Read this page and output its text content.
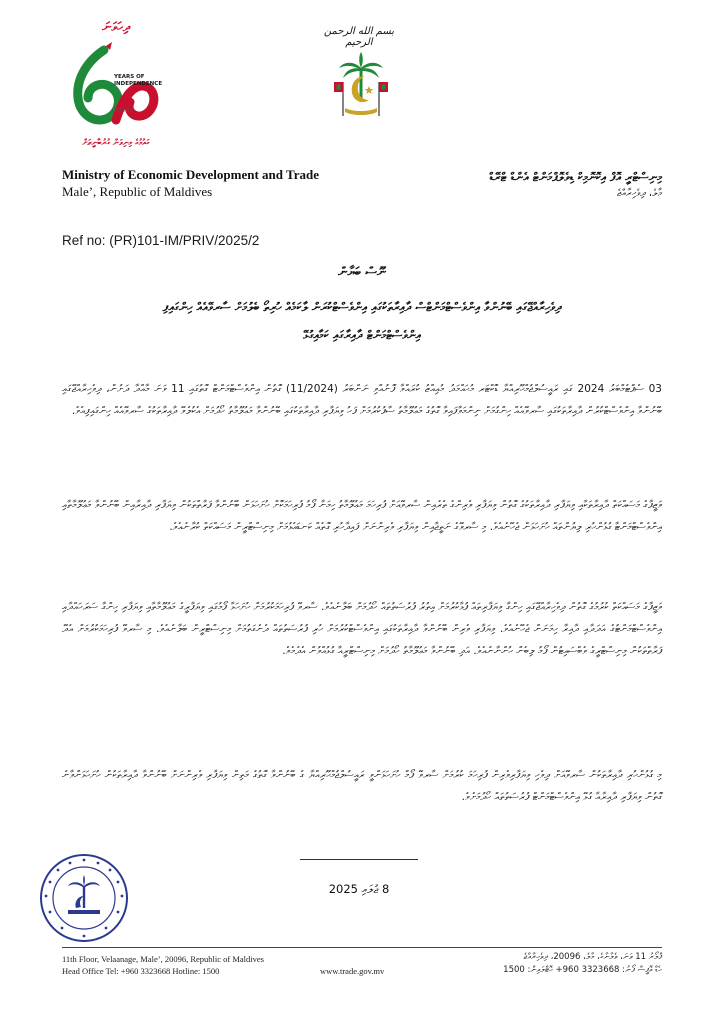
ދިހަވަނަ
YEARS OF INDEPENDENCE
1965-2025
ގައުމުގެ މިނިވަން ގުރުބާނީތަށް
بسم الله الرحمن الرحيم
Ministry of Economic Development and Trade
Male’, Republic of Maldives
މިނިސްޓްރީ އޮފް އިކޮނޮމިކް ޑިވެލޮޕްމަންޓް އެންޑް ޓްރޭޑް
މާލެ، ދިވެހިރާއްޖެ
Ref no: (PR)101-IM/PRIV/2025/2
ނޫސް ބަޔާން
ދިވެހިރާއްޖޭގައި ބޭނުންވާ އިންވެސްޓްމަންޓްސް ދާއިރާތަކުގައި އިންވެސްޓްކުރަން ލާކަމެއް ހުރިތޯ ބެލުމަށް ސާރވޭއެއް ހިންގައިފި
އިންވެސްޓްމަންޓް ދާއިރާގައި ކަމާއިގުޅޭ
03 ސެޕްޓެމްބަރު 2024 ގައި ރައީސުލްޖުމްހޫރިއްޔާ ޑޮކްޓަރ މުޙައްމަދު މުޢިއްޒު ކުރައްވާ ފޮނުއްވި ނަންބަރު (11/2024) ގޮތުން އިންވެސްޓްމަންޓް ގޮތުގައި 11 ވަނަ މާއްދާ ދަށުން، ދިވެހިރާއްޖޭގައި ބޭނުންވާ އިންވެސްޓްކުރުން ދާއިރާތަކުގައި ސާރވޭއެއް ހިންގުމަށް ނިންމަވާފައިވާ ގޮތުގެ މަޢުލޫމާތު ސާފުކުރުމަށް ފަހު ވިޔަފާރި ދާއިރާތަކުގައި ބޭނުންވާ މަޢުލޫމާތު ހޯދުމަށް އެކުލެވޭ ދާއިރާތަކުގެ ސާރވޭއެއް ހިންގައިފިއެވެ.
ވަޒީފާގެ މަސައްކަތް ދާއިރާތަކާއި ވިޔަފާރި ދާއިރާތަކުގެ ގޮތުން ވިޔަފާރި ވެރިންގެ ތެރެއިން ސާރވޭއަށް ފުރިހަމަ މަޢުލޫމާތު ހިމަނާ ފޯމު ފުރިހަމަކޮށް ހުށަހަޅަން ބޭނުންވާ ފަރާތްތަކުން ވިޔަފާރި ދާއިރާއިން ބޭނުންވާ މަޢުލޫމާތާއި އިންވެސްޓްމަންޓާ ގުޅުންހުރި ލިޔުންތައް ހުށަހަޅަން ޖެހޭނެއެވެ. މި ސާރވޭގެ ނަތީޖާއިން ވިޔަފާރި ވެރިންނަށް ފައިދާހުރި ގޮތެއް ކަނޑައެޅުމަށް މިނިސްޓްރީން މަސައްކަތް ކުރާނެއެވެ.
ވަޒީފާގެ މަސައްކަތް ކުރުމުގެ ގޮތުން ދިވެހިރާއްޖޭގައި ހިންގާ ވިޔަފާރިތައް ފުޅާކުރުމަށް އިތުރު ފުރުސަތުތައް ހޯދުމަށް ބަލާނެއެވެ. ސާރވޭ ފުރިހަމަކުރުމަށް ހުށަހަޅާ ފޯމުގައި ވިޔަފާރީގެ މަޢުލޫމާތާއި ވިޔަފާރި ހިންގާ ސަރަހައްދާއި އިންވެސްޓްމަންޓުގެ އަދަދާއި ދާއިރާ ހިމަނަން ޖެހޭނެއެވެ. ވިޔަފާރި ވެރިން ބޭނުންވާ ދާއިރާތަކުގައި އިންވެސްޓްކުރުމަށް ހުރި ފުރުސަތުތައް ދެނެގަތުމަށް މިނިސްޓްރީން ބަލާނެއެވެ. މި ސާރވޭ ފުރިހަމަކުރުމަށް އެދޭ ފަރާތްތަކުން މިނިސްޓްރީގެ ވެބްސައިޓުން ފޯމު ލިބެން ހުންނާނެއެވެ. އަދި ބޭނުންވާ މަޢުލޫމާތު ހޯދުމަށް މިނިސްޓްރީއާ ގުޅުއްވުން އެދެމެވެ.
މި ގުޅުންހުރި ދާއިރާތަކުން ސާރވޭއަށް ދިވެހި ވިޔަފާރިވެރިން ފުރިހަމަ ކުރުމަށް ސާރވޭ ފޯމް ހުށަހަޅަންވީ ރައީސުލްޖުމްހޫރިއްޔާ ގެ ބޭނުންވާ ގޮތުގެ މަތިން ވިޔަފާރި ވެރިންނަށް ބޭނުންވާ ދާއިރާތަކުން ހުށަހަޅަންވާނެ ގޮތުން ވިޔަފާރި ދާއިރާއާ ގުޅޭ އިންވެސްޓްމަންޓް ފުރުސަތުތައް ހޯދުމަށެވެ.
8 ޖުލައި 2025
11th Floor, Velaanage, Male’, 20096, Republic of Maldives
Head Office Tel: +960 3323668 Hotline: 1500	www.trade.gov.mv
ފްލޯރު 11 ވަނަ، ވެލާނާގެ، މާލެ، 20096، ދިވެހިރާއްޖެ
ހެޑް އޮފީސް ފޯނު: 3323668 960+ ހޮޓްލައިން: 1500
